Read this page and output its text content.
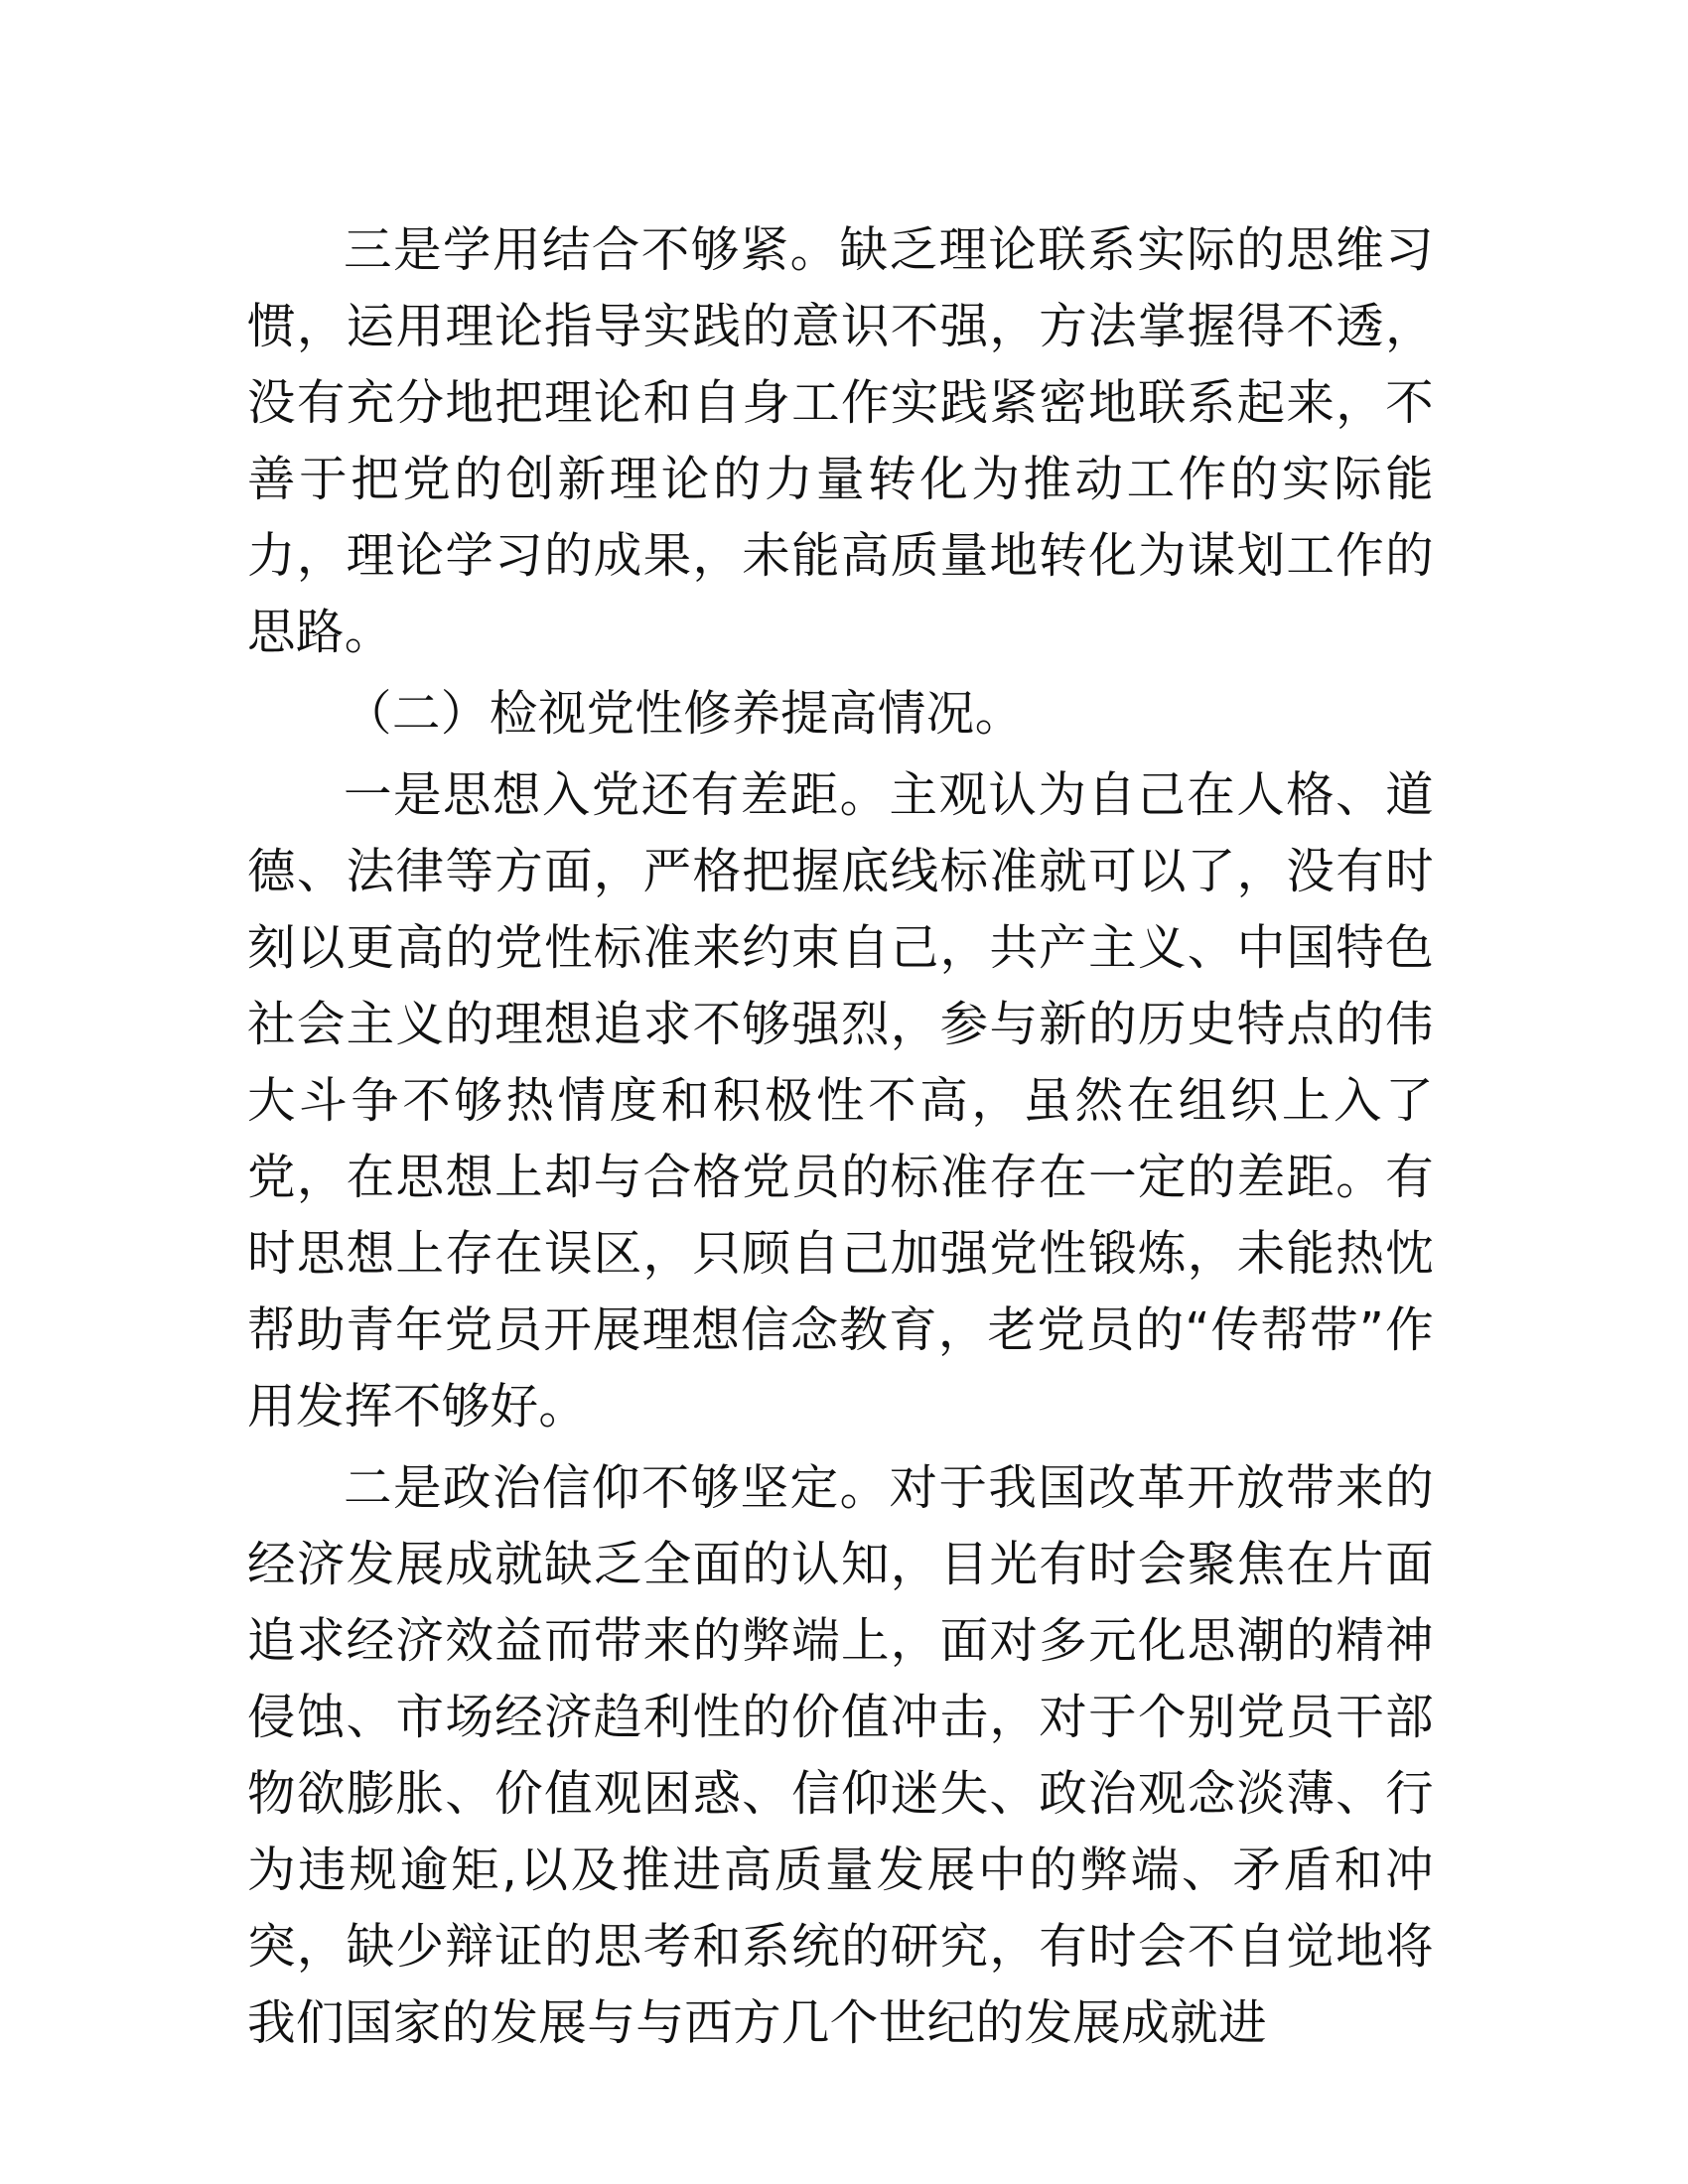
三是学用结合不够紧。缺乏理论联系实际的思维习惯，运用理论指导实践的意识不强，方法掌握得不透，没有充分地把理论和自身工作实践紧密地联系起来，不善于把党的创新理论的力量转化为推动工作的实际能力，理论学习的成果，未能高质量地转化为谋划工作的思路。

（二）检视党性修养提高情况。

一是思想入党还有差距。主观认为自己在人格、道德、法律等方面，严格把握底线标准就可以了，没有时刻以更高的党性标准来约束自己，共产主义、中国特色社会主义的理想追求不够强烈，参与新的历史特点的伟大斗争不够热情度和积极性不高，虽然在组织上入了党，在思想上却与合格党员的标准存在一定的差距。有时思想上存在误区，只顾自己加强党性锻炼，未能热忱帮助青年党员开展理想信念教育，老党员的“传帮带”作用发挥不够好。

二是政治信仰不够坚定。对于我国改革开放带来的经济发展成就缺乏全面的认知，目光有时会聚焦在片面追求经济效益而带来的弊端上，面对多元化思潮的精神侵蚀、市场经济趋利性的价值冲击，对于个别党员干部物欲膨胀、价值观困惑、信仰迷失、政治观念淡薄、行为违规逾矩,以及推进高质量发展中的弊端、矛盾和冲突，缺少辩证的思考和系统的研究，有时会不自觉地将我们国家的发展与与西方几个世纪的发展成就进
